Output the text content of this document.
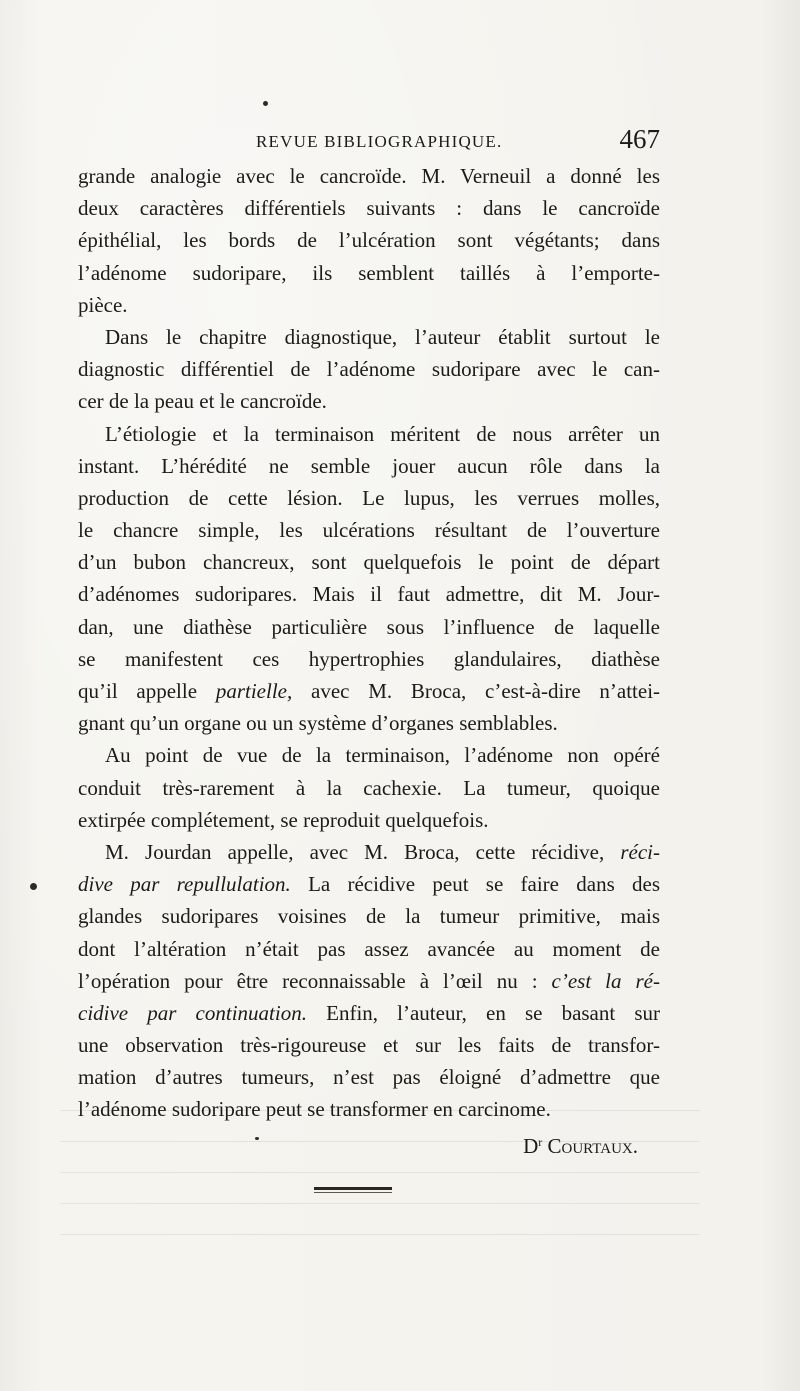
REVUE BIBLIOGRAPHIQUE.	467
grande analogie avec le cancroïde. M. Verneuil a donné les
deux caractères différentiels suivants : dans le cancroïde
épithélial, les bords de l’ulcération sont végétants; dans
l’adénome sudoripare, ils semblent taillés à l’emporte-
pièce.
Dans le chapitre diagnostique, l’auteur établit surtout le
diagnostic différentiel de l’adénome sudoripare avec le can-
cer de la peau et le cancroïde.
L’étiologie et la terminaison méritent de nous arrêter un
instant. L’hérédité ne semble jouer aucun rôle dans la
production de cette lésion. Le lupus, les verrues molles,
le chancre simple, les ulcérations résultant de l’ouverture
d’un bubon chancreux, sont quelquefois le point de départ
d’adénomes sudoripares. Mais il faut admettre, dit M. Jour-
dan, une diathèse particulière sous l’influence de laquelle
se manifestent ces hypertrophies glandulaires, diathèse
qu’il appelle partielle, avec M. Broca, c’est-à-dire n’attei-
gnant qu’un organe ou un système d’organes semblables.
Au point de vue de la terminaison, l’adénome non opéré
conduit très-rarement à la cachexie. La tumeur, quoique
extirpée complétement, se reproduit quelquefois.
M. Jourdan appelle, avec M. Broca, cette récidive, réci-
dive par repullulation. La récidive peut se faire dans des
glandes sudoripares voisines de la tumeur primitive, mais
dont l’altération n’était pas assez avancée au moment de
l’opération pour être reconnaissable à l’œil nu : c’est la ré-
cidive par continuation. Enfin, l’auteur, en se basant sur
une observation très-rigoureuse et sur les faits de transfor-
mation d’autres tumeurs, n’est pas éloigné d’admettre que
l’adénome sudoripare peut se transformer en carcinome.
$D^r$ Courtaux.
